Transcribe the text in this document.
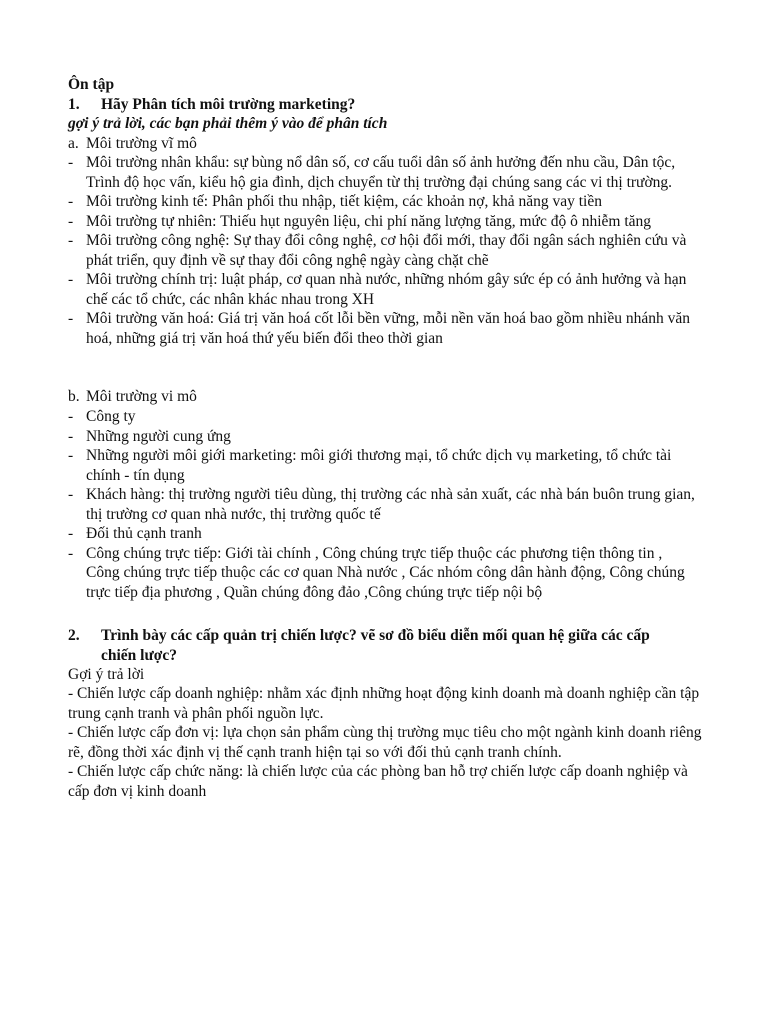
Ôn tập
1.	Hãy Phân tích môi trường marketing?
gợi ý trả lời, các bạn phải thêm ý vào để phân tích
a. Môi trường vĩ mô
- Môi trường nhân khẩu: sự bùng nổ dân số, cơ cấu tuổi dân số ảnh hưởng đến nhu cầu, Dân tộc, Trình độ học vấn, kiểu hộ gia đình, dịch chuyển từ thị trường đại chúng sang các vi thị trường.
- Môi trường kinh tế: Phân phối thu nhập, tiết kiệm, các khoản nợ, khả năng vay tiền
- Môi trường tự nhiên: Thiếu hụt nguyên liệu, chi phí năng lượng tăng, mức độ ô nhiễm tăng
- Môi trường công nghệ: Sự thay đổi công nghệ, cơ hội đổi mới, thay đổi ngân sách nghiên cứu và phát triển, quy định về sự thay đổi công nghệ ngày càng chặt chẽ
- Môi trường chính trị: luật pháp, cơ quan nhà nước, những nhóm gây sức ép có ảnh hưởng và hạn chế các tổ chức, các nhân khác nhau trong XH
- Môi trường văn hoá: Giá trị văn hoá cốt lỗi bền vững, mỗi nền văn hoá bao gồm nhiều nhánh văn hoá, những giá trị văn hoá thứ yếu biến đổi theo thời gian
b. Môi trường vi mô
- Công ty
- Những người cung ứng
- Những người môi giới marketing: môi giới thương mại, tổ chức dịch vụ marketing, tổ chức tài chính - tín dụng
- Khách hàng: thị trường người tiêu dùng, thị trường các nhà sản xuất, các nhà bán buôn trung gian, thị trường cơ quan nhà nước, thị trường quốc tế
- Đối thủ cạnh tranh
- Công chúng trực tiếp: Giới tài chính , Công chúng trực tiếp thuộc các phương tiện thông tin , Công chúng trực tiếp thuộc các cơ quan Nhà nước , Các nhóm công dân hành động, Công chúng trực tiếp địa phương , Quần chúng đông đảo ,Công chúng trực tiếp nội bộ
2.	Trình bày các cấp quản trị chiến lược? vẽ sơ đồ biểu diễn mối quan hệ giữa các cấp chiến lược?
Gợi ý trả lời
- Chiến lược cấp doanh nghiệp: nhằm xác định những hoạt động kinh doanh mà doanh nghiệp cần tập trung cạnh tranh và phân phối nguồn lực.
- Chiến lược cấp đơn vị: lựa chọn sản phẩm cùng thị trường mục tiêu cho một ngành kinh doanh riêng rẽ, đồng thời xác định vị thế cạnh tranh hiện tại so với đối thủ cạnh tranh chính.
- Chiến lược cấp chức năng: là chiến lược của các phòng ban hỗ trợ chiến lược cấp doanh nghiệp và cấp đơn vị kinh doanh
